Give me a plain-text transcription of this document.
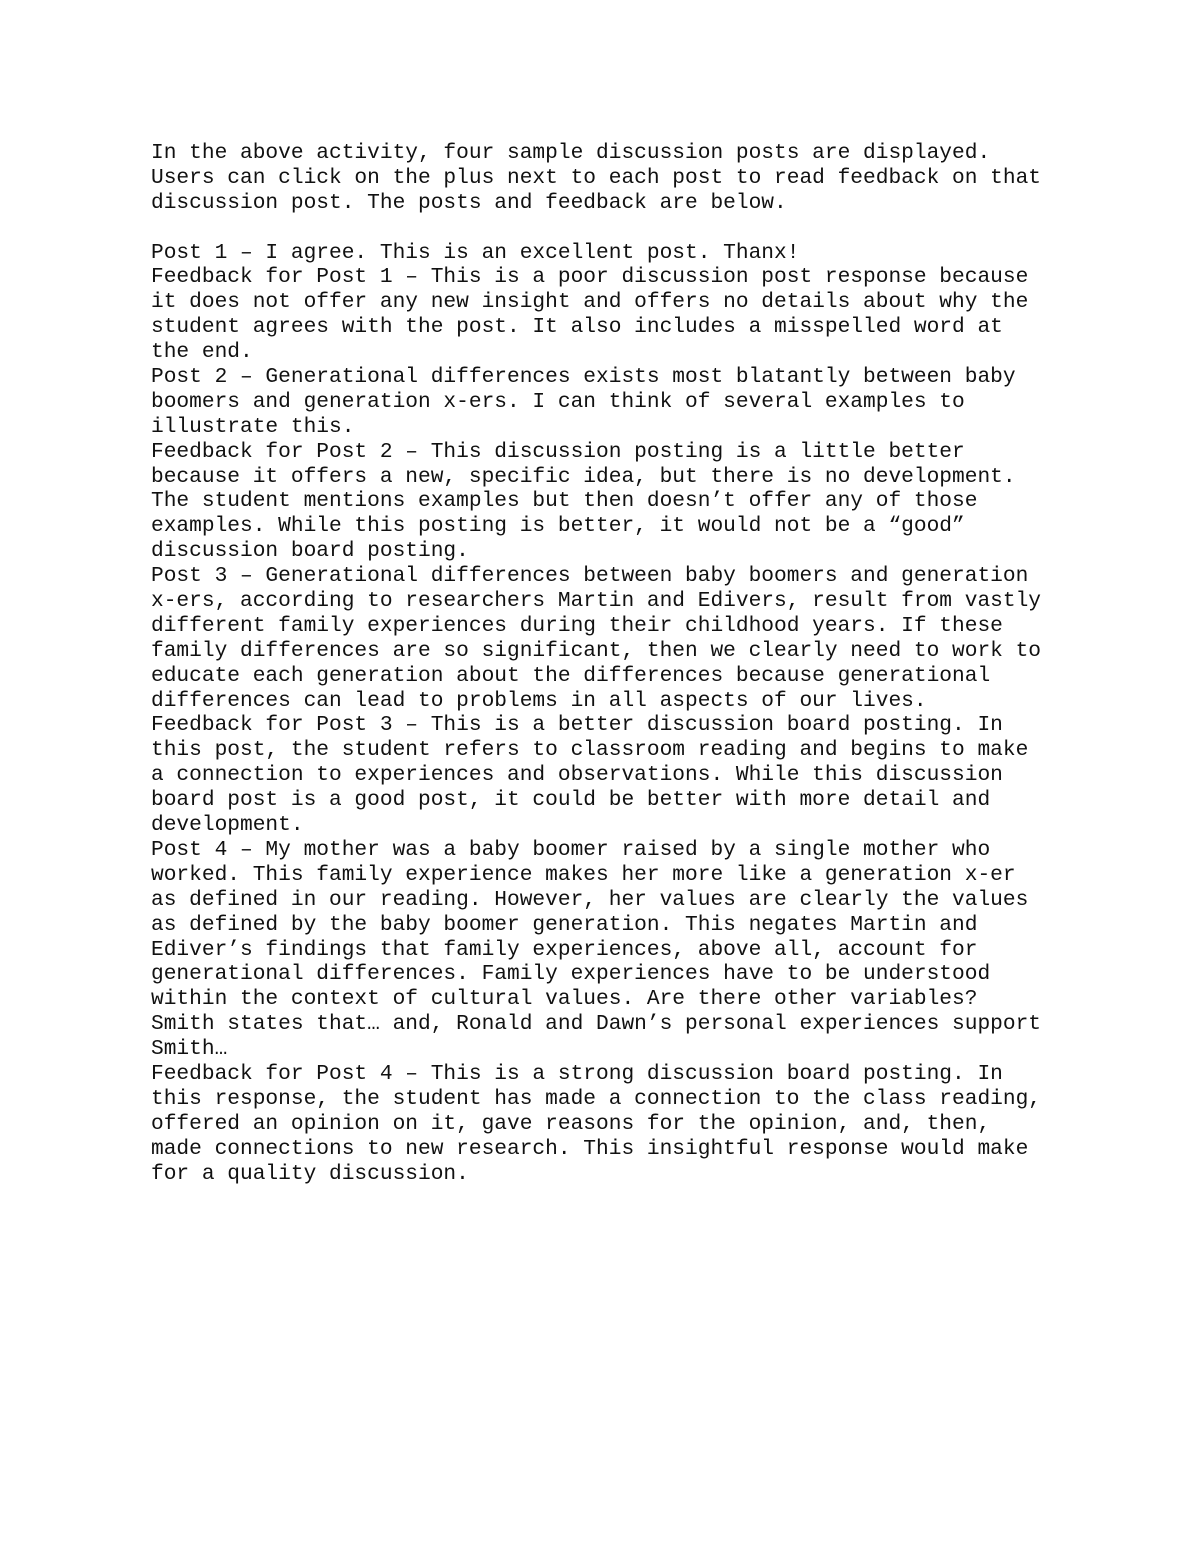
In the above activity, four sample discussion posts are displayed.
Users can click on the plus next to each post to read feedback on that
discussion post. The posts and feedback are below.
Post 1 – I agree. This is an excellent post. Thanx!
Feedback for Post 1 – This is a poor discussion post response because
it does not offer any new insight and offers no details about why the
student agrees with the post. It also includes a misspelled word at
the end.
Post 2 – Generational differences exists most blatantly between baby
boomers and generation x-ers. I can think of several examples to
illustrate this.
Feedback for Post 2 – This discussion posting is a little better
because it offers a new, specific idea, but there is no development.
The student mentions examples but then doesn’t offer any of those
examples. While this posting is better, it would not be a “good”
discussion board posting.
Post 3 – Generational differences between baby boomers and generation
x-ers, according to researchers Martin and Edivers, result from vastly
different family experiences during their childhood years. If these
family differences are so significant, then we clearly need to work to
educate each generation about the differences because generational
differences can lead to problems in all aspects of our lives.
Feedback for Post 3 – This is a better discussion board posting. In
this post, the student refers to classroom reading and begins to make
a connection to experiences and observations. While this discussion
board post is a good post, it could be better with more detail and
development.
Post 4 – My mother was a baby boomer raised by a single mother who
worked. This family experience makes her more like a generation x-er
as defined in our reading. However, her values are clearly the values
as defined by the baby boomer generation. This negates Martin and
Ediver’s findings that family experiences, above all, account for
generational differences. Family experiences have to be understood
within the context of cultural values. Are there other variables?
Smith states that… and, Ronald and Dawn’s personal experiences support
Smith…
Feedback for Post 4 – This is a strong discussion board posting. In
this response, the student has made a connection to the class reading,
offered an opinion on it, gave reasons for the opinion, and, then,
made connections to new research. This insightful response would make
for a quality discussion.
